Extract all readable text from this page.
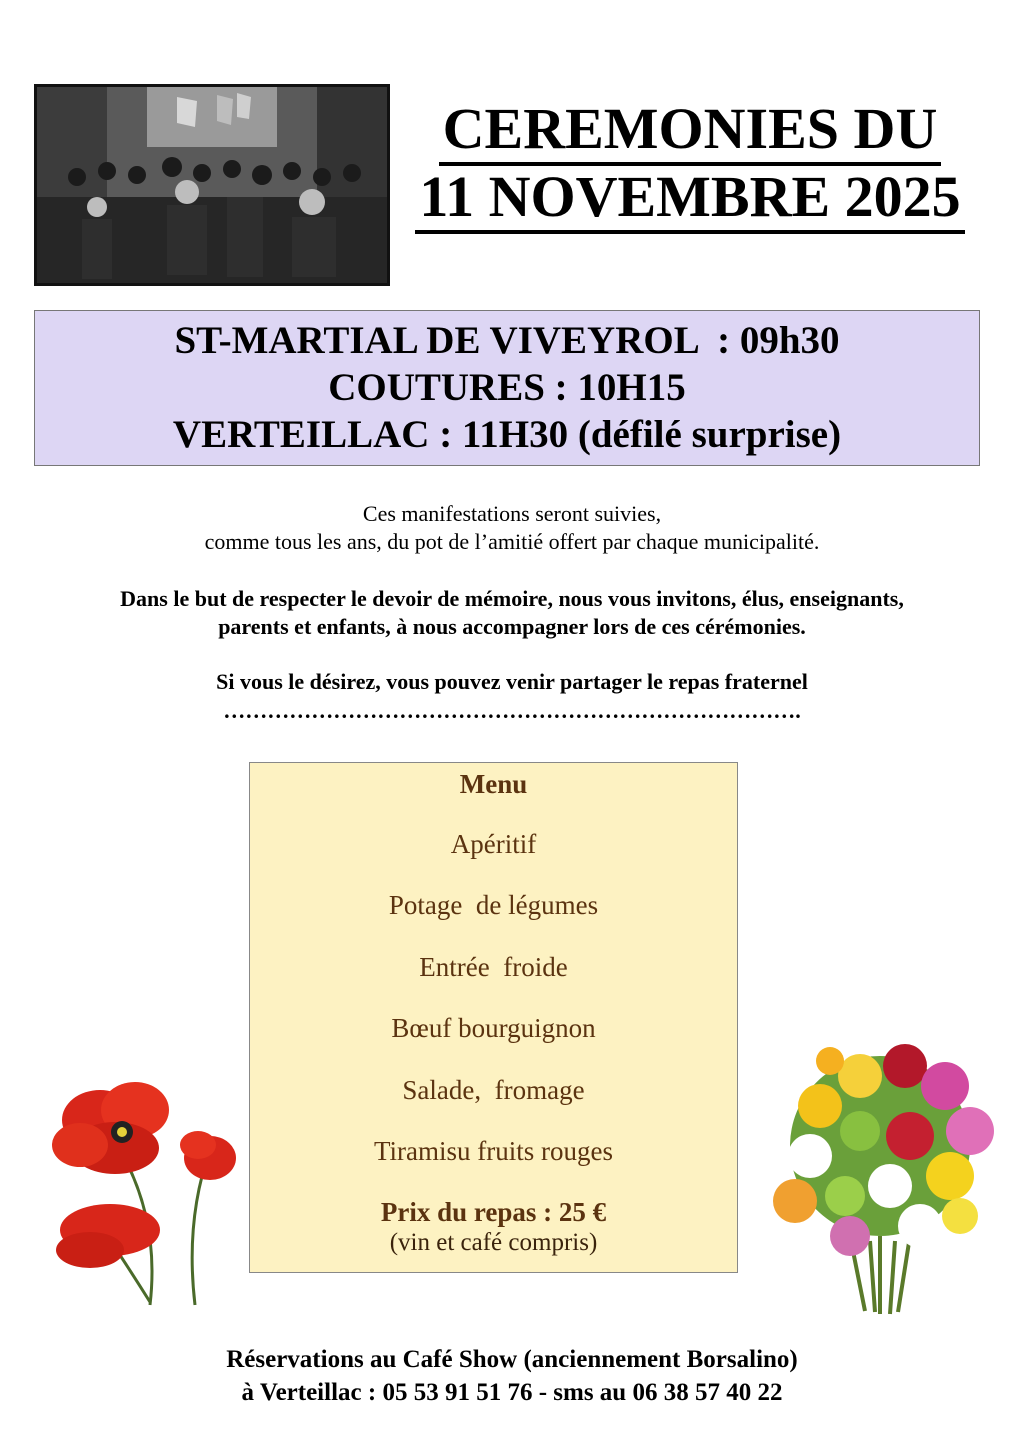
CEREMONIES DU
11 NOVEMBRE 2025
ST-MARTIAL DE VIVEYROL  : 09h30
COUTURES : 10H15
VERTEILLAC : 11H30 (défilé surprise)
Ces manifestations seront suivies,
comme tous les ans, du pot de l’amitié offert par chaque municipalité.
Dans le but de respecter le devoir de mémoire, nous vous invitons, élus, enseignants,
parents et enfants, à nous accompagner lors de ces cérémonies.
Si vous le désirez, vous pouvez venir partager le repas fraternel
…………………………………………………………………….
Menu
Apéritif
Potage  de légumes
Entrée  froide
Bœuf bourguignon
Salade,  fromage
Tiramisu fruits rouges
Prix du repas : 25 €
(vin et café compris)
Réservations au Café Show (anciennement Borsalino)
à Verteillac : 05 53 91 51 76 - sms au 06 38 57 40 22
